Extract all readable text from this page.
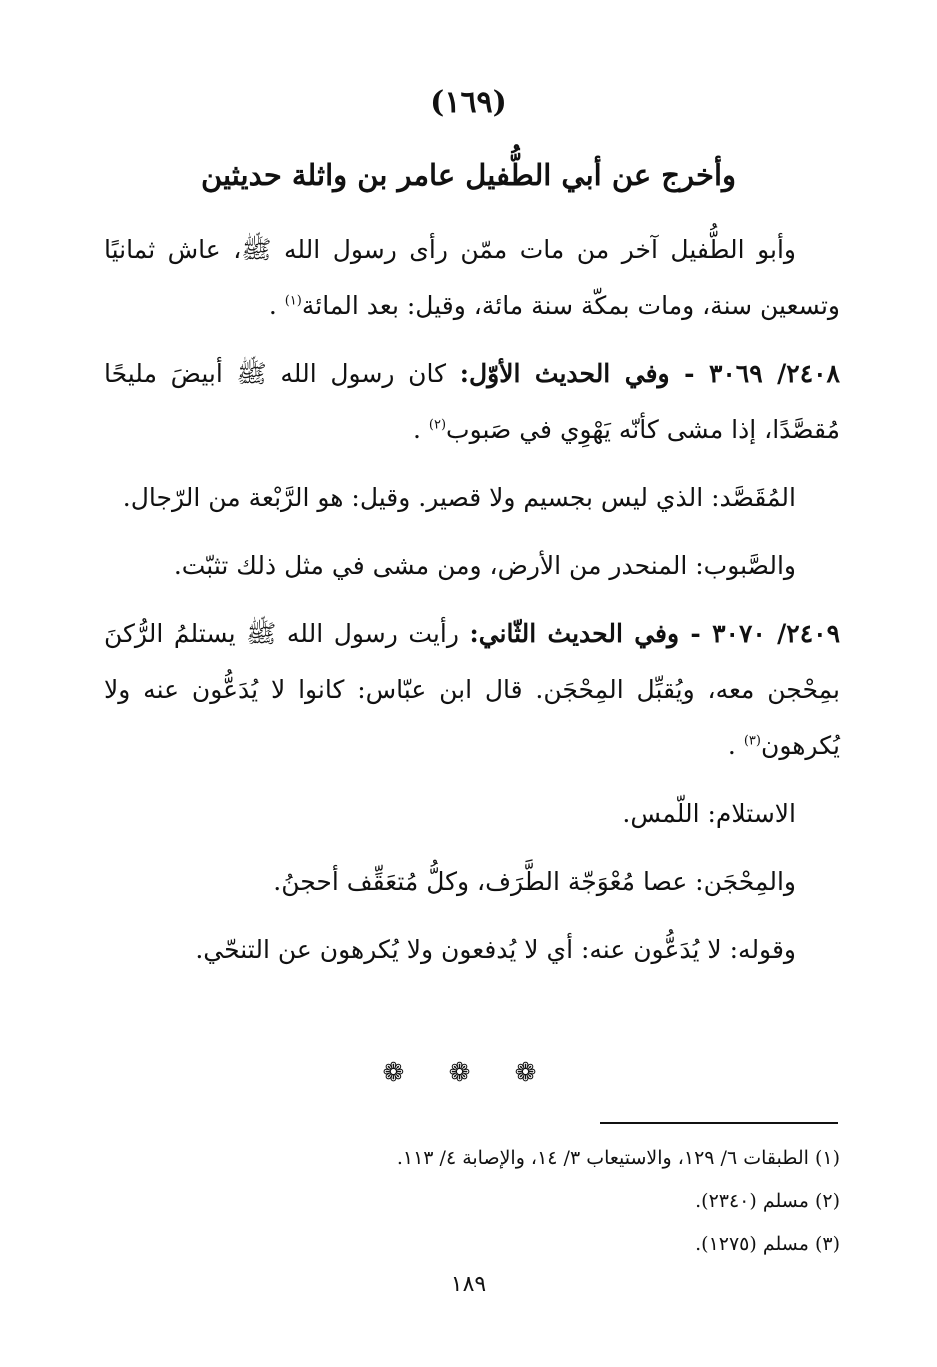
(١٦٩)
وأخرج عن أبي الطُّفيل عامر بن واثلة حديثين

وأبو الطُّفيل آخر من مات ممّن رأى رسول الله ﷺ، عاش ثمانيًا وتسعين سنة، ومات بمكّة سنة مائة، وقيل: بعد المائة$^{(١)}$ .

٢٤٠٨/ ٣٠٦٩ - وفي الحديث الأوّل: كان رسول الله ﷺ أبيضَ مليحًا مُقصَّدًا، إذا مشى كأنّه يَهْوِي في صَبوب$^{(٢)}$ .

المُقَصَّد: الذي ليس بجسيم ولا قصير. وقيل: هو الرَّبْعة من الرّجال.

والصَّبوب: المنحدر من الأرض، ومن مشى في مثل ذلك تثبّت.

٢٤٠٩/ ٣٠٧٠ - وفي الحديث الثّاني: رأيت رسول الله ﷺ يستلمُ الرُّكنَ بمِحْجن معه، ويُقبِّل المِحْجَن. قال ابن عبّاس: كانوا لا يُدَعُّون عنه ولا يُكرهون$^{(٣)}$ .

الاستلام: اللّمس.

والمِحْجَن: عصا مُعْوَجّة الطَّرَف، وكلُّ مُتعَقِّف أحجنُ.

وقوله: لا يُدَعُّون عنه: أي لا يُدفعون ولا يُكرهون عن التنحّي.

❁ ❁ ❁
(١) الطبقات ٦/ ١٢٩، والاستيعاب ٣/ ١٤، والإصابة ٤/ ١١٣.
(٢) مسلم (٢٣٤٠).
(٣) مسلم (١٢٧٥).
١٨٩
